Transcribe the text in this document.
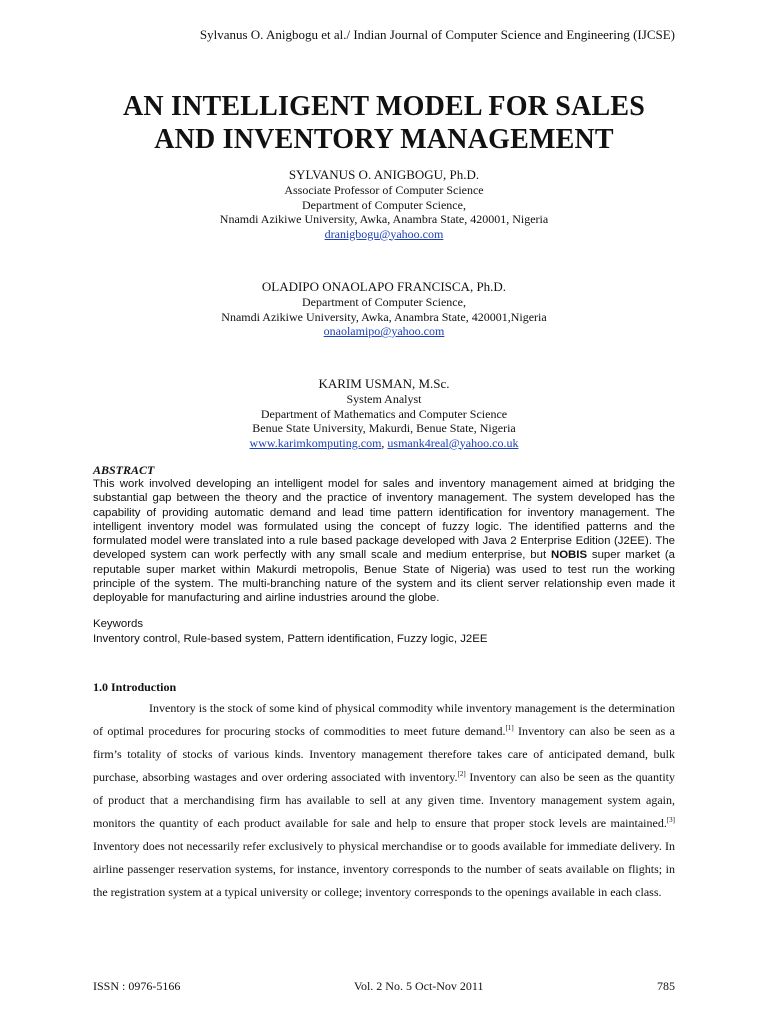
Sylvanus O. Anigbogu et al./ Indian Journal of Computer Science and Engineering (IJCSE)
AN INTELLIGENT MODEL FOR SALES
AND INVENTORY MANAGEMENT
SYLVANUS O. ANIGBOGU, Ph.D.
Associate Professor of Computer Science
Department of Computer Science,
Nnamdi Azikiwe University, Awka, Anambra State, 420001, Nigeria
dranigbogu@yahoo.com
OLADIPO ONAOLAPO FRANCISCA, Ph.D.
Department of Computer Science,
Nnamdi Azikiwe University, Awka, Anambra State, 420001,Nigeria
onaolamipo@yahoo.com
KARIM USMAN, M.Sc.
System Analyst
Department of Mathematics and Computer Science
Benue State University, Makurdi, Benue State, Nigeria
www.karimkomputing.com, usmank4real@yahoo.co.uk
ABSTRACT
This work involved developing an intelligent model for sales and inventory management aimed at bridging the substantial gap between the theory and the practice of inventory management. The system developed has the capability of providing automatic demand and lead time pattern identification for inventory management. The intelligent inventory model was formulated using the concept of fuzzy logic. The identified patterns and the formulated model were translated into a rule based package developed with Java 2 Enterprise Edition (J2EE). The developed system can work perfectly with any small scale and medium enterprise, but NOBIS super market (a reputable super market within Makurdi metropolis, Benue State of Nigeria) was used to test run the working principle of the system. The multi-branching nature of the system and its client server relationship even made it deployable for manufacturing and airline industries around the globe.
Keywords
Inventory control, Rule-based system, Pattern identification, Fuzzy logic, J2EE
1.0 Introduction

Inventory is the stock of some kind of physical commodity while inventory management is the determination of optimal procedures for procuring stocks of commodities to meet future demand.[1] Inventory can also be seen as a firm’s totality of stocks of various kinds. Inventory management therefore takes care of anticipated demand, bulk purchase, absorbing wastages and over ordering associated with inventory.[2] Inventory can also be seen as the quantity of product that a merchandising firm has available to sell at any given time. Inventory management system again, monitors the quantity of each product available for sale and help to ensure that proper stock levels are maintained.[3] Inventory does not necessarily refer exclusively to physical merchandise or to goods available for immediate delivery. In airline passenger reservation systems, for instance, inventory corresponds to the number of seats available on flights; in the registration system at a typical university or college; inventory corresponds to the openings available in each class.

ISSN : 0976-5166	Vol. 2 No. 5 Oct-Nov 2011	785
